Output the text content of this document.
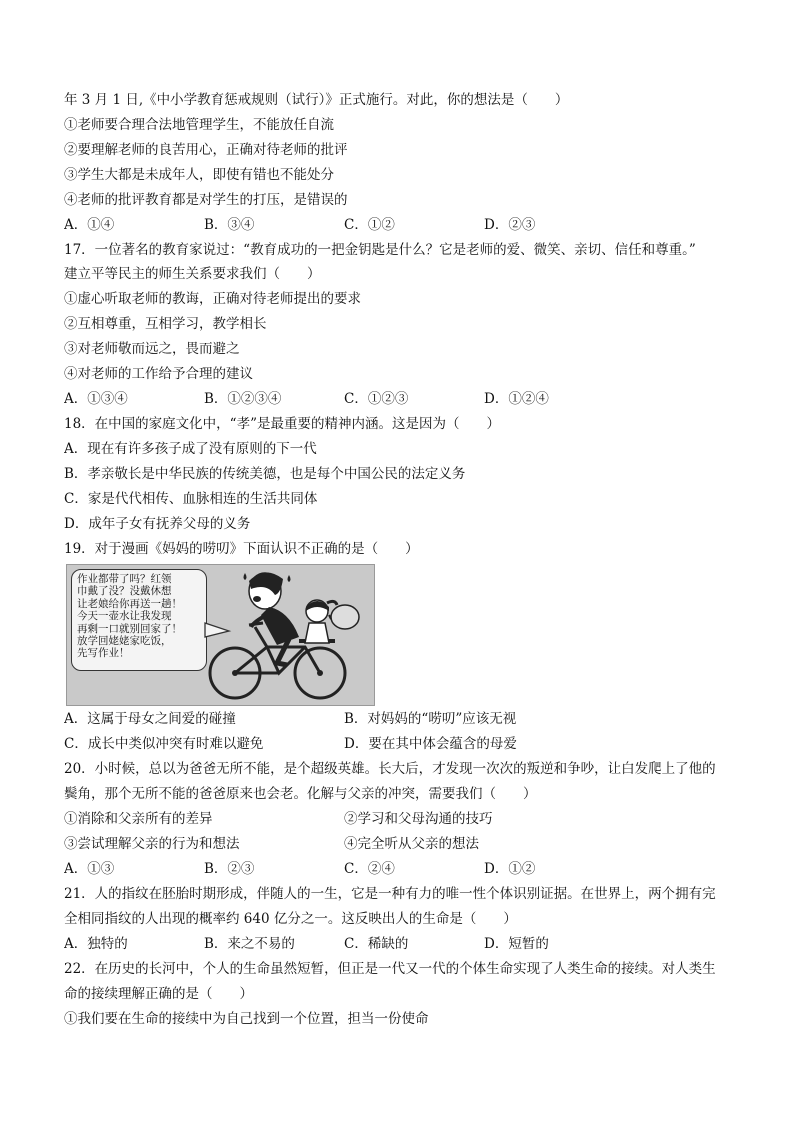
年 3 月 1 日,《中小学教育惩戒规则（试行）》正式施行。对此，你的想法是（　　）
①老师要合理合法地管理学生，不能放任自流
②要理解老师的良苦用心，正确对待老师的批评
③学生大都是未成年人，即使有错也不能处分
④老师的批评教育都是对学生的打压，是错误的
A．①④	B．③④	C．①②	D．②③
17．一位著名的教育家说过：“教育成功的一把金钥匙是什么？它是老师的爱、微笑、亲切、信任和尊重。”
建立平等民主的师生关系要求我们（　　）
①虚心听取老师的教诲，正确对待老师提出的要求
②互相尊重，互相学习，教学相长
③对老师敬而远之，畏而避之
④对老师的工作给予合理的建议
A．①③④	B．①②③④	C．①②③	D．①②④
18．在中国的家庭文化中，“孝”是最重要的精神内涵。这是因为（　　）
A．现在有许多孩子成了没有原则的下一代
B．孝亲敬长是中华民族的传统美德，也是每个中国公民的法定义务
C．家是代代相传、血脉相连的生活共同体
D．成年子女有抚养父母的义务
19．对于漫画《妈妈的唠叨》下面认识不正确的是（　　）
作业都带了吗？红领
巾戴了没？没戴休想
让老娘给你再送一趟！
今天一壶水让我发现
再剩一口就别回家了！
放学回姥姥家吃饭，
先写作业！
A．这属于母女之间爱的碰撞	B．对妈妈的“唠叨”应该无视
C．成长中类似冲突有时难以避免	D．要在其中体会蕴含的母爱
20．小时候，总以为爸爸无所不能，是个超级英雄。长大后，才发现一次次的叛逆和争吵，让白发爬上了他的
鬓角，那个无所不能的爸爸原来也会老。化解与父亲的冲突，需要我们（　　）
①消除和父亲所有的差异	②学习和父母沟通的技巧
③尝试理解父亲的行为和想法	④完全听从父亲的想法
A．①③	B．②③	C．②④	D．①②
21．人的指纹在胚胎时期形成，伴随人的一生，它是一种有力的唯一性个体识别证据。在世界上，两个拥有完
全相同指纹的人出现的概率约 640 亿分之一。这反映出人的生命是（　　）
A．独特的	B．来之不易的	C．稀缺的	D．短暂的
22．在历史的长河中，个人的生命虽然短暂，但正是一代又一代的个体生命实现了人类生命的接续。对人类生
命的接续理解正确的是（　　）
①我们要在生命的接续中为自己找到一个位置，担当一份使命
